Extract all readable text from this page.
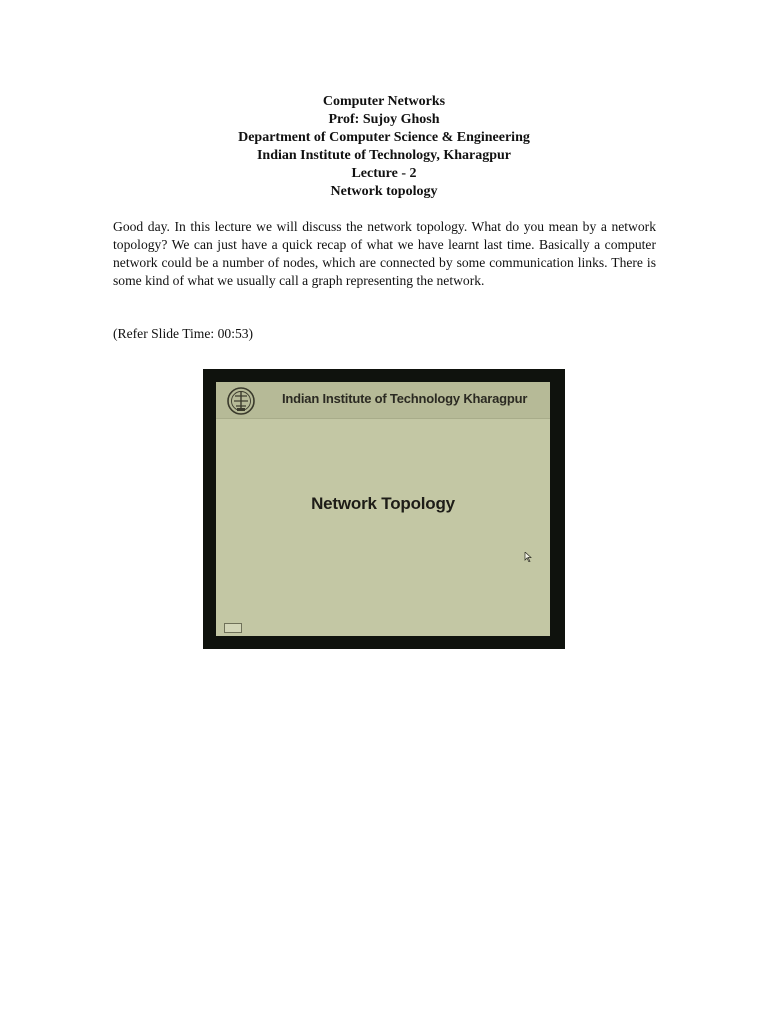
Computer Networks
Prof: Sujoy Ghosh
Department of Computer Science & Engineering
Indian Institute of Technology, Kharagpur
Lecture - 2
Network topology
Good day. In this lecture we will discuss the network topology. What do you mean by a network topology? We can just have a quick recap of what we have learnt last time. Basically a computer network could be a number of nodes, which are connected by some communication links. There is some kind of what we usually call a graph representing the network.
(Refer Slide Time: 00:53)
Indian Institute of Technology Kharagpur
Network Topology
